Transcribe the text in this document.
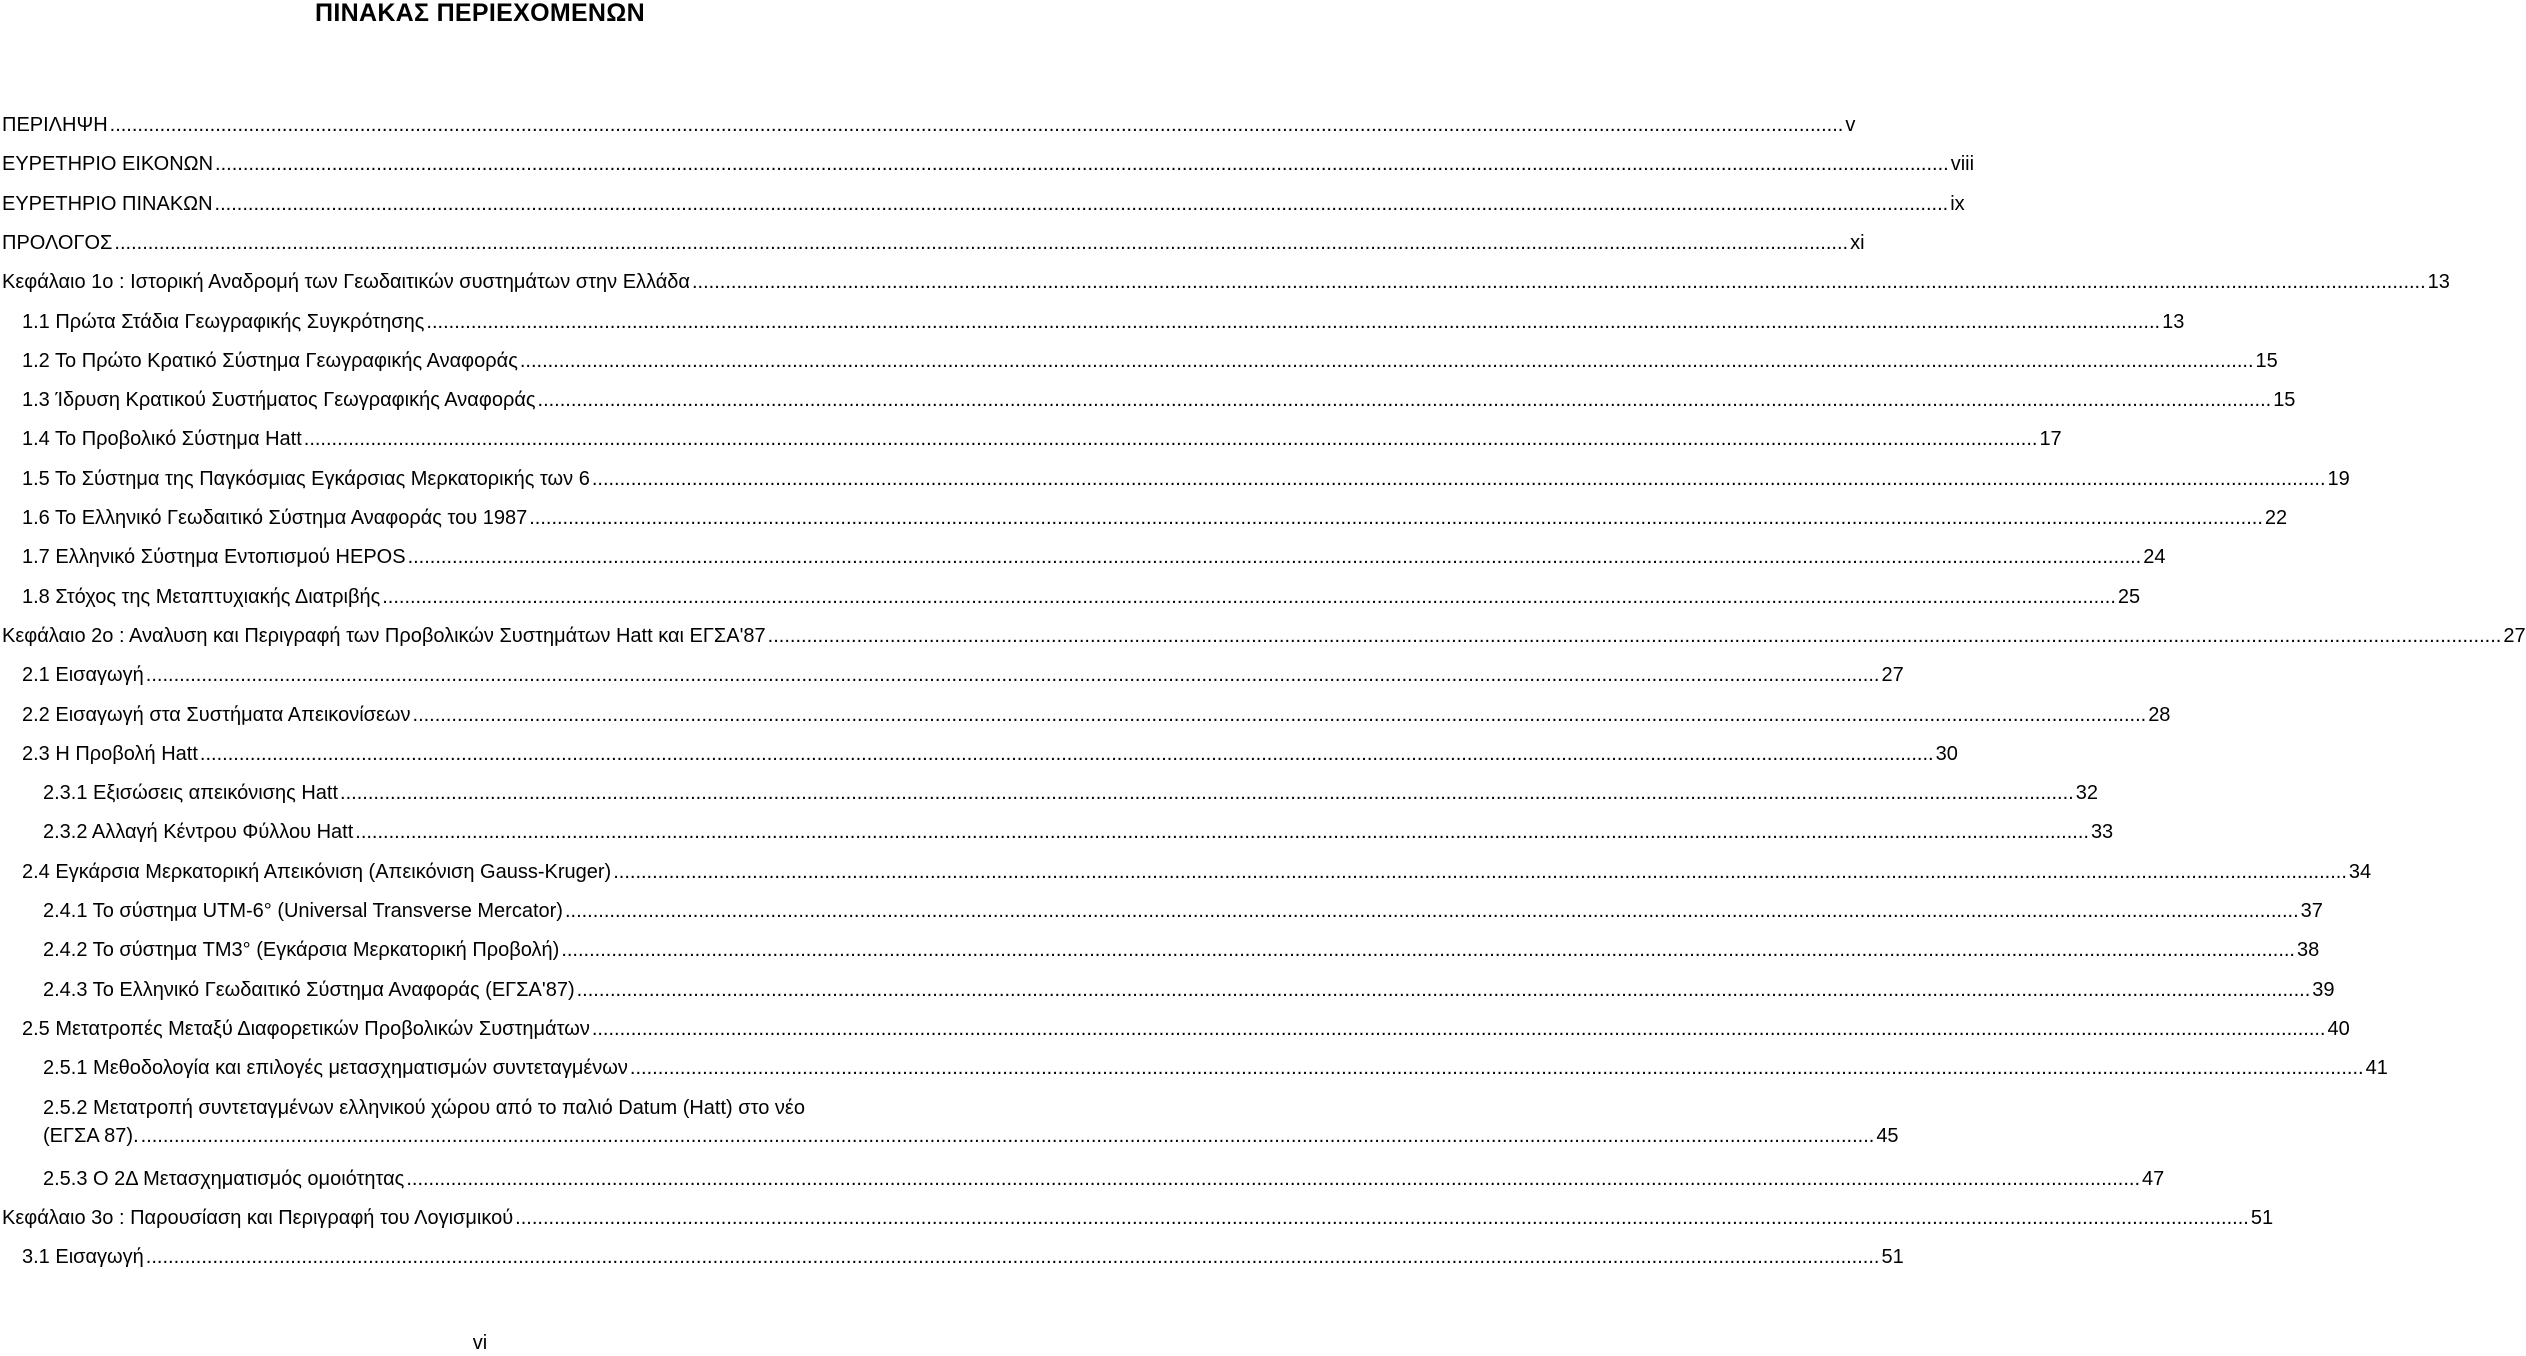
ΠΙΝΑΚΑΣ ΠΕΡΙΕΧΟΜΕΝΩΝ
ΠΕΡΙΛΗΨΗ .....	v
ΕΥΡΕΤΗΡΙΟ ΕΙΚΟΝΩΝ .....	viii
ΕΥΡΕΤΗΡΙΟ ΠΙΝΑΚΩΝ .....	ix
ΠΡΟΛΟΓΟΣ .....	xi
Κεφάλαιο 1ο : Ιστορική Αναδρομή των Γεωδαιτικών συστημάτων στην Ελλάδα .....	13
1.1 Πρώτα Στάδια Γεωγραφικής Συγκρότησης .....	13
1.2 Το Πρώτο Κρατικό Σύστημα Γεωγραφικής Αναφοράς .....	15
1.3 Ίδρυση Κρατικού Συστήματος Γεωγραφικής Αναφοράς .....	15
1.4 Το Προβολικό Σύστημα Hatt .....	17
1.5 Το Σύστημα της Παγκόσμιας Εγκάρσιας Μερκατορικής των 6 .....	19
1.6 Το Ελληνικό Γεωδαιτικό Σύστημα Αναφοράς του 1987 .....	22
1.7 Ελληνικό Σύστημα Εντοπισμού HEPOS .....	24
1.8 Στόχος της Μεταπτυχιακής Διατριβής .....	25
Κεφάλαιο 2ο : Αναλυση και Περιγραφή των Προβολικών Συστημάτων Hatt και ΕΓΣΑ'87 .....	27
2.1 Εισαγωγή .....	27
2.2 Εισαγωγή στα Συστήματα Απεικονίσεων .....	28
2.3 Η Προβολή Hatt .....	30
2.3.1 Εξισώσεις απεικόνισης Hatt .....	32
2.3.2 Αλλαγή Κέντρου Φύλλου Hatt .....	33
2.4 Εγκάρσια Μερκατορική Απεικόνιση (Απεικόνιση Gauss-Kruger) .....	34
2.4.1 Το σύστημα UTM-6° (Universal Transverse Mercator) .....	37
2.4.2 Το σύστημα TM3° (Εγκάρσια Μερκατορική Προβολή) .....	38
2.4.3 Το Ελληνικό Γεωδαιτικό Σύστημα Αναφοράς (ΕΓΣΑ'87) .....	39
2.5 Μετατροπές Μεταξύ Διαφορετικών Προβολικών Συστημάτων .....	40
2.5.1 Μεθοδολογία και επιλογές μετασχηματισμών συντεταγμένων .....	41
2.5.2 Μετατροπή συντεταγμένων ελληνικού χώρου από το παλιό Datum (Hatt) στο νέο
(ΕΓΣΑ 87). .....	45
2.5.3 Ο 2Δ Μετασχηματισμός ομοιότητας .....	47
Κεφάλαιο 3ο : Παρουσίαση και Περιγραφή του Λογισμικού .....	51
3.1 Εισαγωγή .....	51
vi
